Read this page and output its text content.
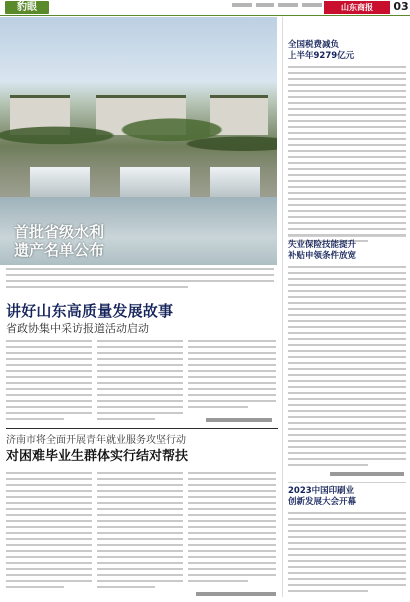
豹眼	山东商报	03
首批省级水利
遗产名单公布
讲好山东高质量发展故事
省政协集中采访报道活动启动
济南市将全面开展青年就业服务攻坚行动
对困难毕业生群体实行结对帮扶
全国税费减负
上半年9279亿元
失业保险技能提升
补贴申领条件放宽
2023中国印刷业
创新发展大会开幕
